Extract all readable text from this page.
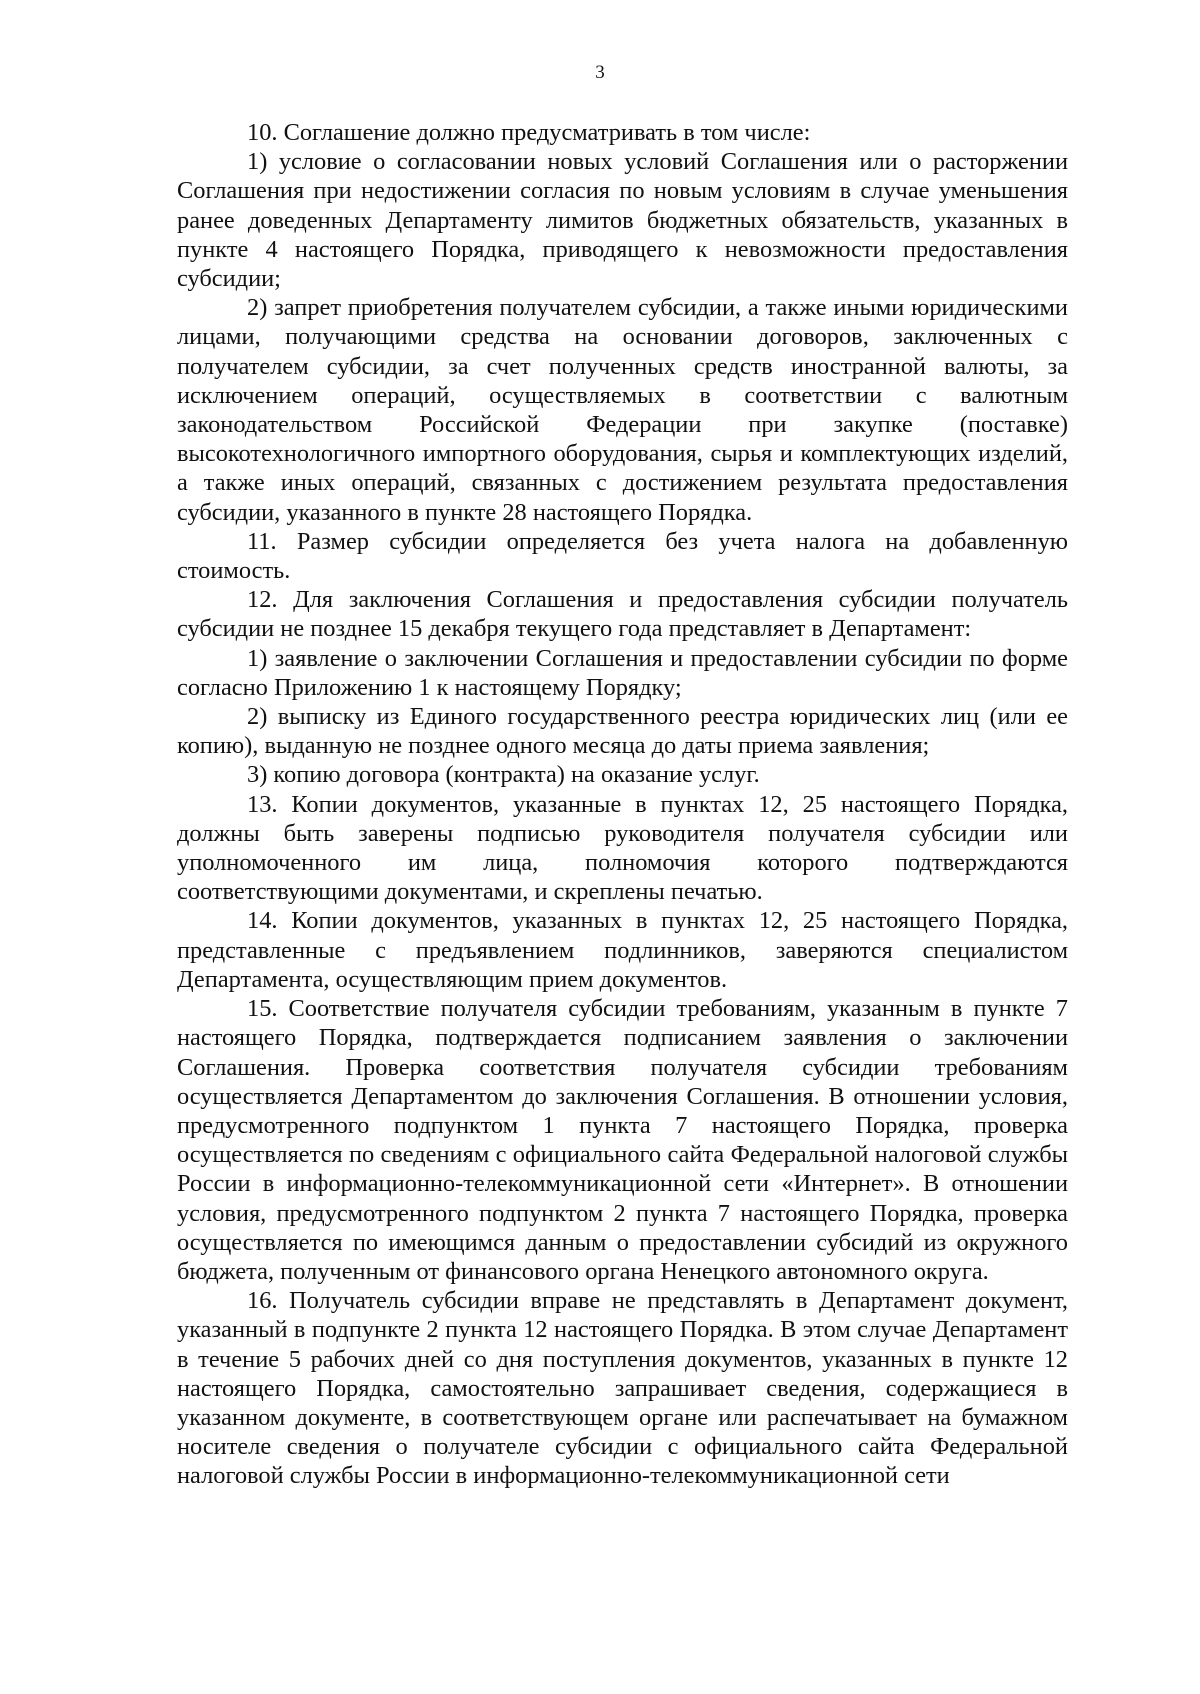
3

10. Соглашение должно предусматривать в том числе:

1) условие о согласовании новых условий Соглашения или о расторжении Соглашения при недостижении согласия по новым условиям в случае уменьшения ранее доведенных Департаменту лимитов бюджетных обязательств, указанных в пункте 4 настоящего Порядка, приводящего к невозможности предоставления субсидии;

2) запрет приобретения получателем субсидии, а также иными юридическими лицами, получающими средства на основании договоров, заключенных с получателем субсидии, за счет полученных средств иностранной валюты, за исключением операций, осуществляемых в соответствии с валютным законодательством Российской Федерации при закупке (поставке) высокотехнологичного импортного оборудования, сырья и комплектующих изделий, а также иных операций, связанных с достижением результата предоставления субсидии, указанного в пункте 28 настоящего Порядка.

11. Размер субсидии определяется без учета налога на добавленную стоимость.

12. Для заключения Соглашения и предоставления субсидии получатель субсидии не позднее 15 декабря текущего года представляет в Департамент:

1) заявление о заключении Соглашения и предоставлении субсидии по форме согласно Приложению 1 к настоящему Порядку;

2) выписку из Единого государственного реестра юридических лиц (или ее копию), выданную не позднее одного месяца до даты приема заявления;

3) копию договора (контракта) на оказание услуг.

13. Копии документов, указанные в пунктах 12, 25 настоящего Порядка, должны быть заверены подписью руководителя получателя субсидии или уполномоченного им лица, полномочия которого подтверждаются соответствующими документами, и скреплены печатью.

14. Копии документов, указанных в пунктах 12, 25 настоящего Порядка, представленные с предъявлением подлинников, заверяются специалистом Департамента, осуществляющим прием документов.

15. Соответствие получателя субсидии требованиям, указанным в пункте 7 настоящего Порядка, подтверждается подписанием заявления о заключении Соглашения. Проверка соответствия получателя субсидии требованиям осуществляется Департаментом до заключения Соглашения. В отношении условия, предусмотренного подпунктом 1 пункта 7 настоящего Порядка, проверка осуществляется по сведениям с официального сайта Федеральной налоговой службы России в информационно-телекоммуникационной сети «Интернет». В отношении условия, предусмотренного подпунктом 2 пункта 7 настоящего Порядка, проверка осуществляется по имеющимся данным о предоставлении субсидий из окружного бюджета, полученным от финансового органа Ненецкого автономного округа.

16. Получатель субсидии вправе не представлять в Департамент документ, указанный в подпункте 2 пункта 12 настоящего Порядка. В этом случае Департамент в течение 5 рабочих дней со дня поступления документов, указанных в пункте 12 настоящего Порядка, самостоятельно запрашивает сведения, содержащиеся в указанном документе, в соответствующем органе или распечатывает на бумажном носителе сведения о получателе субсидии с официального сайта Федеральной налоговой службы России в информационно-телекоммуникационной сети
